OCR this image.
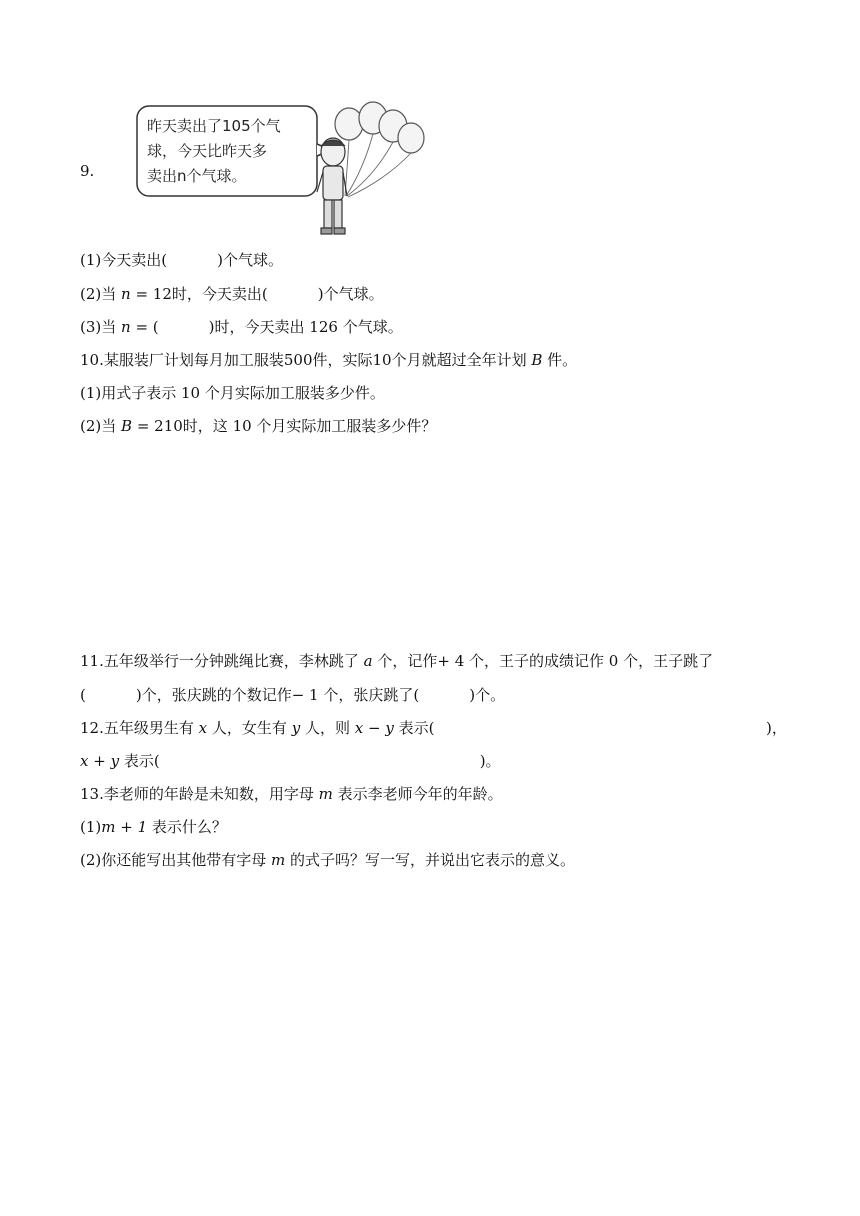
9.
昨天卖出了105个气
球，今天比昨天多
卖出n个气球。
(1)今天卖出(	)个气球。
(2)当 n = 12时，今天卖出(	)个气球。
(3)当 n = (	)时，今天卖出 126 个气球。
10.某服装厂计划每月加工服装500件，实际10个月就超过全年计划 B 件。
(1)用式子表示 10 个月实际加工服装多少件。
(2)当 B = 210时，这 10 个月实际加工服装多少件？
11.五年级举行一分钟跳绳比赛，李林跳了 a 个，记作+ 4 个，王子的成绩记作 0 个，王子跳了
(	)个，张庆跳的个数记作− 1 个，张庆跳了(	)个。
12.五年级男生有 x 人，女生有 y 人，则 x − y 表示(	)，
x + y 表示(	)。
13.李老师的年龄是未知数，用字母 m 表示李老师今年的年龄。
(1)m + 1 表示什么？
(2)你还能写出其他带有字母 m 的式子吗？写一写，并说出它表示的意义。
